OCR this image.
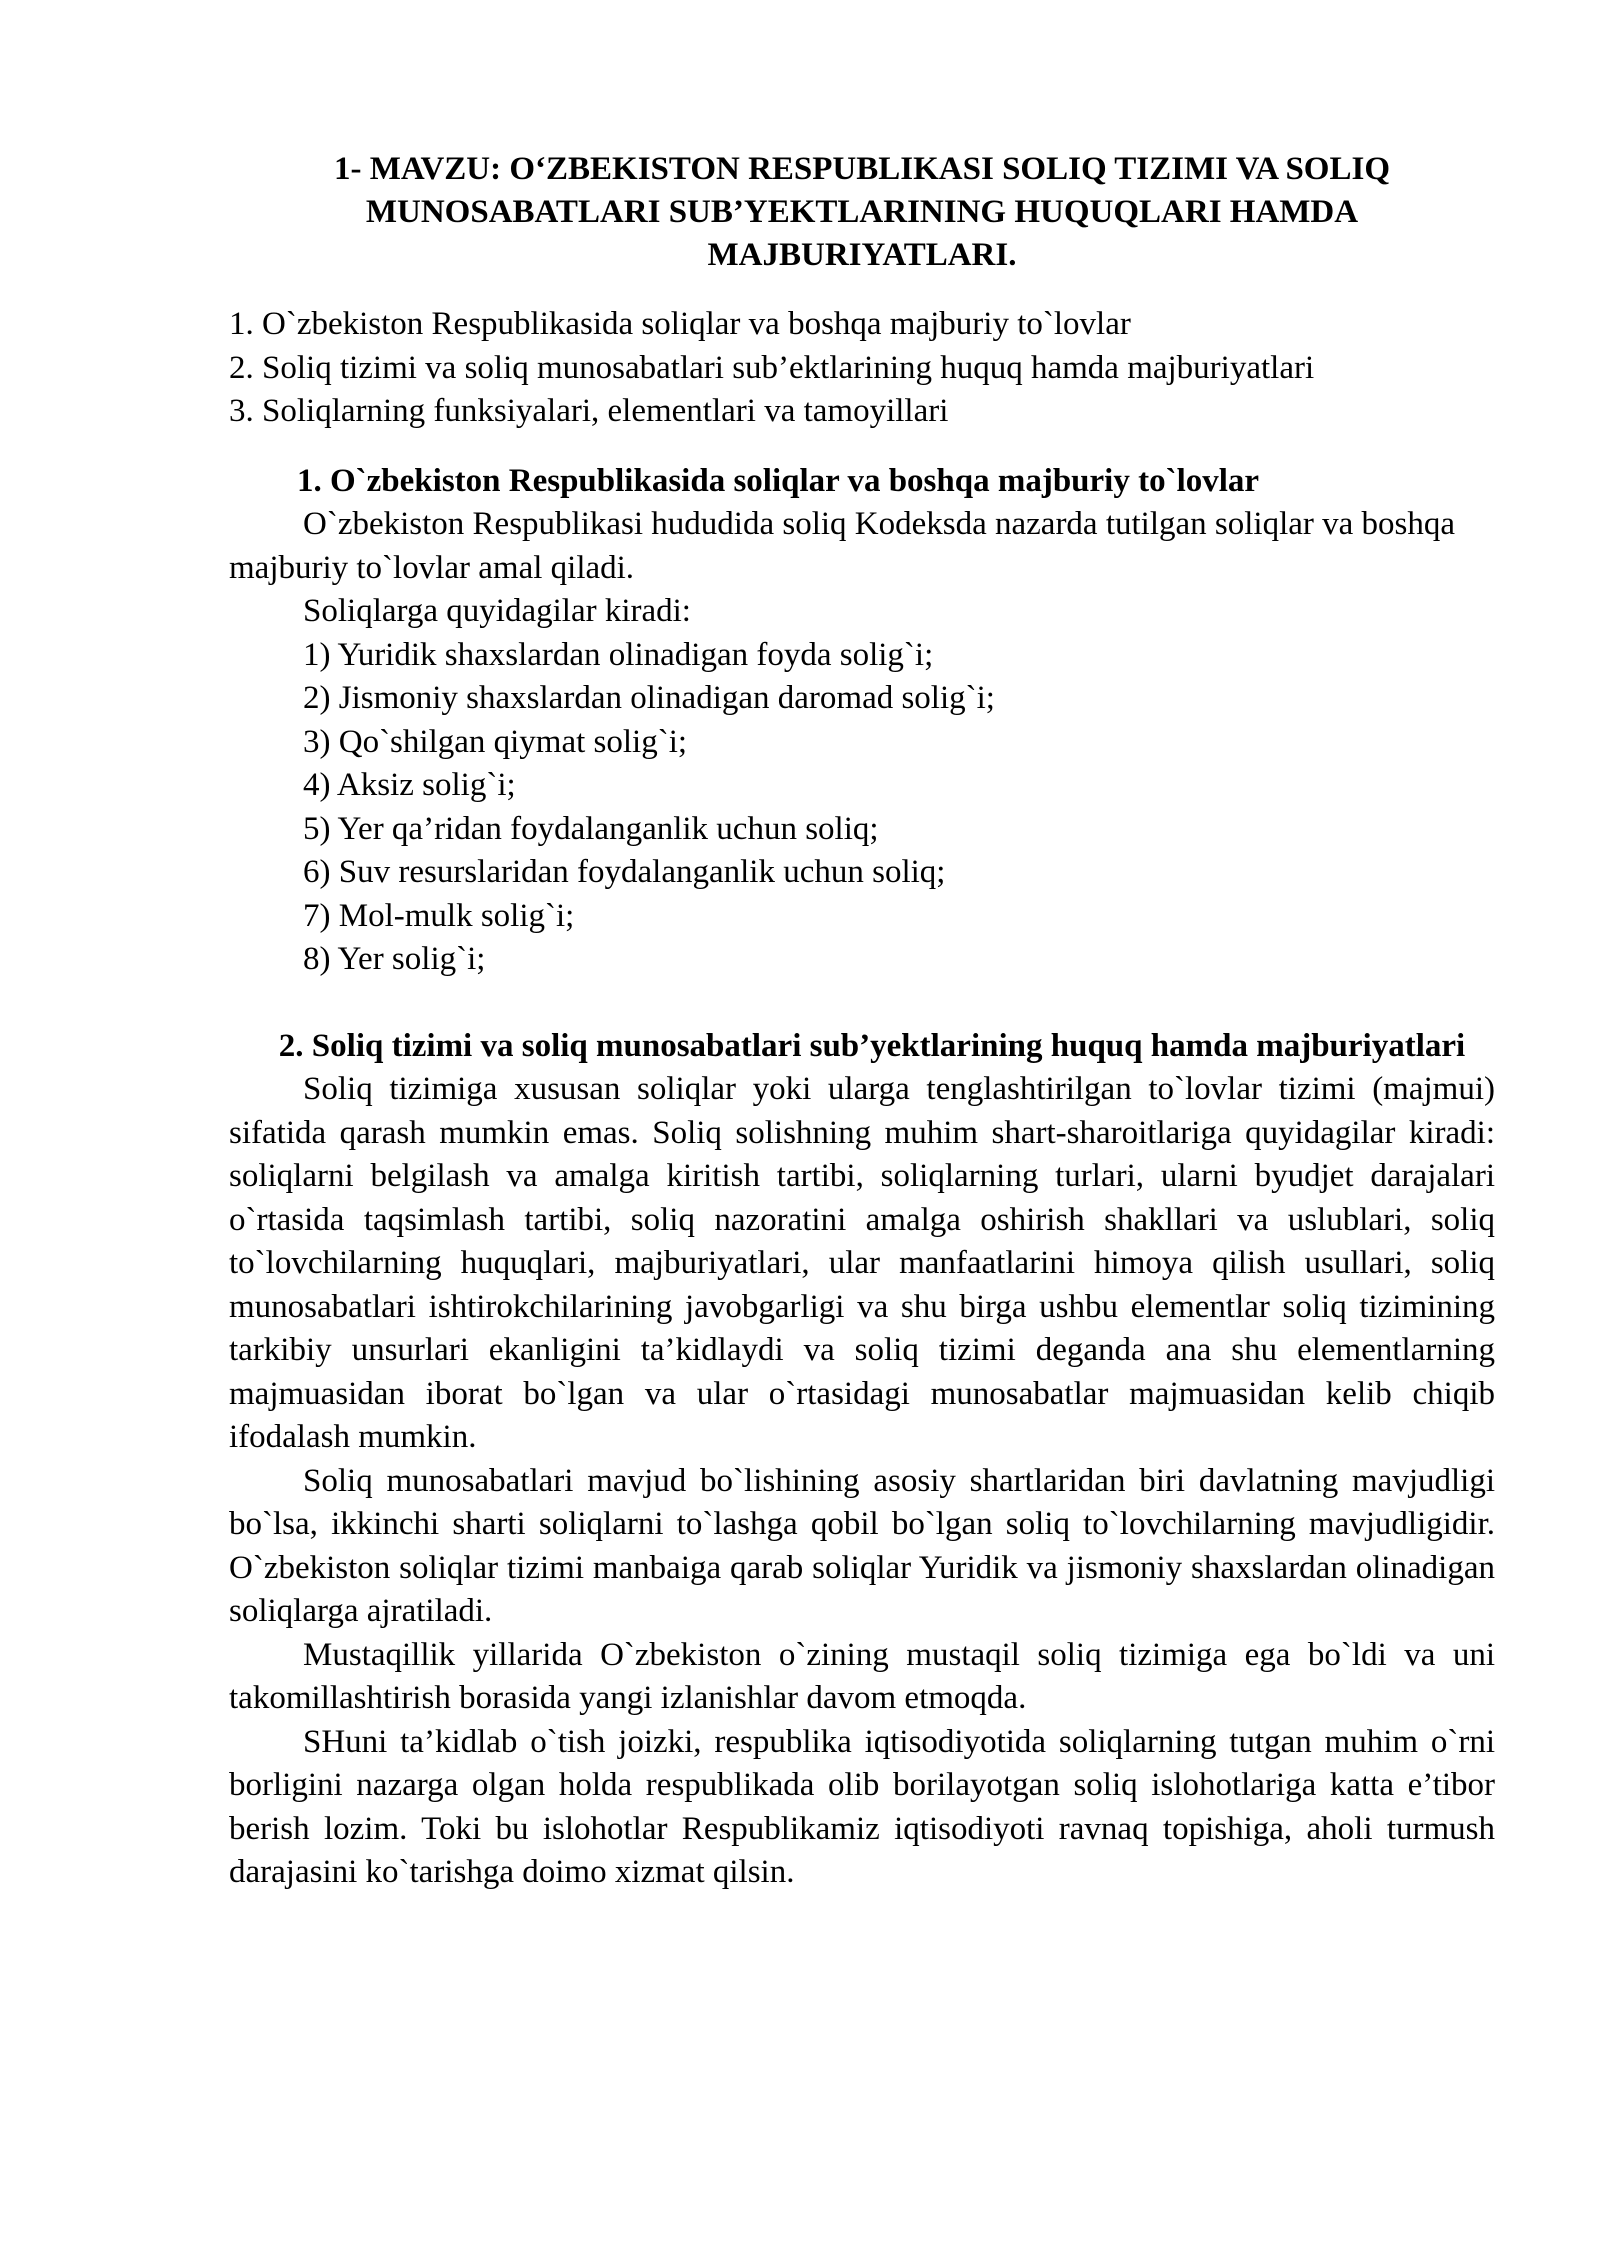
1- MAVZU: O‘ZBEKISTON RESPUBLIKASI SOLIQ TIZIMI VA SOLIQ MUNOSABATLARI SUB’YEKTLARINING HUQUQLARI HAMDA MAJBURIYATLARI.

1. O`zbekiston Respublikasida soliqlar va boshqa majburiy to`lovlar

2. Soliq tizimi va soliq munosabatlari sub’ektlarining huquq hamda majburiyatlari

3. Soliqlarning funksiyalari, elementlari va tamoyillari

1. O`zbekiston Respublikasida soliqlar va boshqa majburiy to`lovlar

O`zbekiston Respublikasi hududida soliq Kodeksda nazarda tutilgan soliqlar va boshqa majburiy to`lovlar amal qiladi.

Soliqlarga quyidagilar kiradi:

1) Yuridik shaxslardan olinadigan foyda solig`i;

2) Jismoniy shaxslardan olinadigan daromad solig`i;

3) Qo`shilgan qiymat solig`i;

4) Aksiz solig`i;

5) Yer qa’ridan foydalanganlik uchun soliq;

6) Suv resurslaridan foydalanganlik uchun soliq;

7) Mol-mulk solig`i;

8) Yer solig`i;

2. Soliq tizimi va soliq munosabatlari sub’yektlarining huquq hamda majburiyatlari

Soliq tizimiga xususan soliqlar yoki ularga tenglashtirilgan to`lovlar tizimi (majmui) sifatida qarash mumkin emas. Soliq solishning muhim shart-sharoitlariga quyidagilar kiradi: soliqlarni belgilash va amalga kiritish tartibi, soliqlarning turlari, ularni byudjet darajalari o`rtasida taqsimlash tartibi, soliq nazoratini amalga oshirish shakllari va uslublari, soliq to`lovchilarning huquqlari, majburiyatlari, ular manfaatlarini himoya qilish usullari, soliq munosabatlari ishtirokchilarining javobgarligi va shu birga ushbu elementlar soliq tizimining tarkibiy unsurlari ekanligini ta’kidlaydi va soliq tizimi deganda ana shu elementlarning majmuasidan iborat bo`lgan va ular o`rtasidagi munosabatlar majmuasidan kelib chiqib ifodalash mumkin.

Soliq munosabatlari mavjud bo`lishining asosiy shartlaridan biri davlatning mavjudligi bo`lsa, ikkinchi sharti soliqlarni to`lashga qobil bo`lgan soliq to`lovchilarning mavjudligidir. O`zbekiston soliqlar tizimi manbaiga qarab soliqlar Yuridik va jismoniy shaxslardan olinadigan soliqlarga ajratiladi.

Mustaqillik yillarida O`zbekiston o`zining mustaqil soliq tizimiga ega bo`ldi va uni takomillashtirish borasida yangi izlanishlar davom etmoqda.

SHuni ta’kidlab o`tish joizki, respublika iqtisodiyotida soliqlarning tutgan muhim o`rni borligini nazarga olgan holda respublikada olib borilayotgan soliq islohotlariga katta e’tibor berish lozim. Toki bu islohotlar Respublikamiz iqtisodiyoti ravnaq topishiga, aholi turmush darajasini ko`tarishga doimo xizmat qilsin.
